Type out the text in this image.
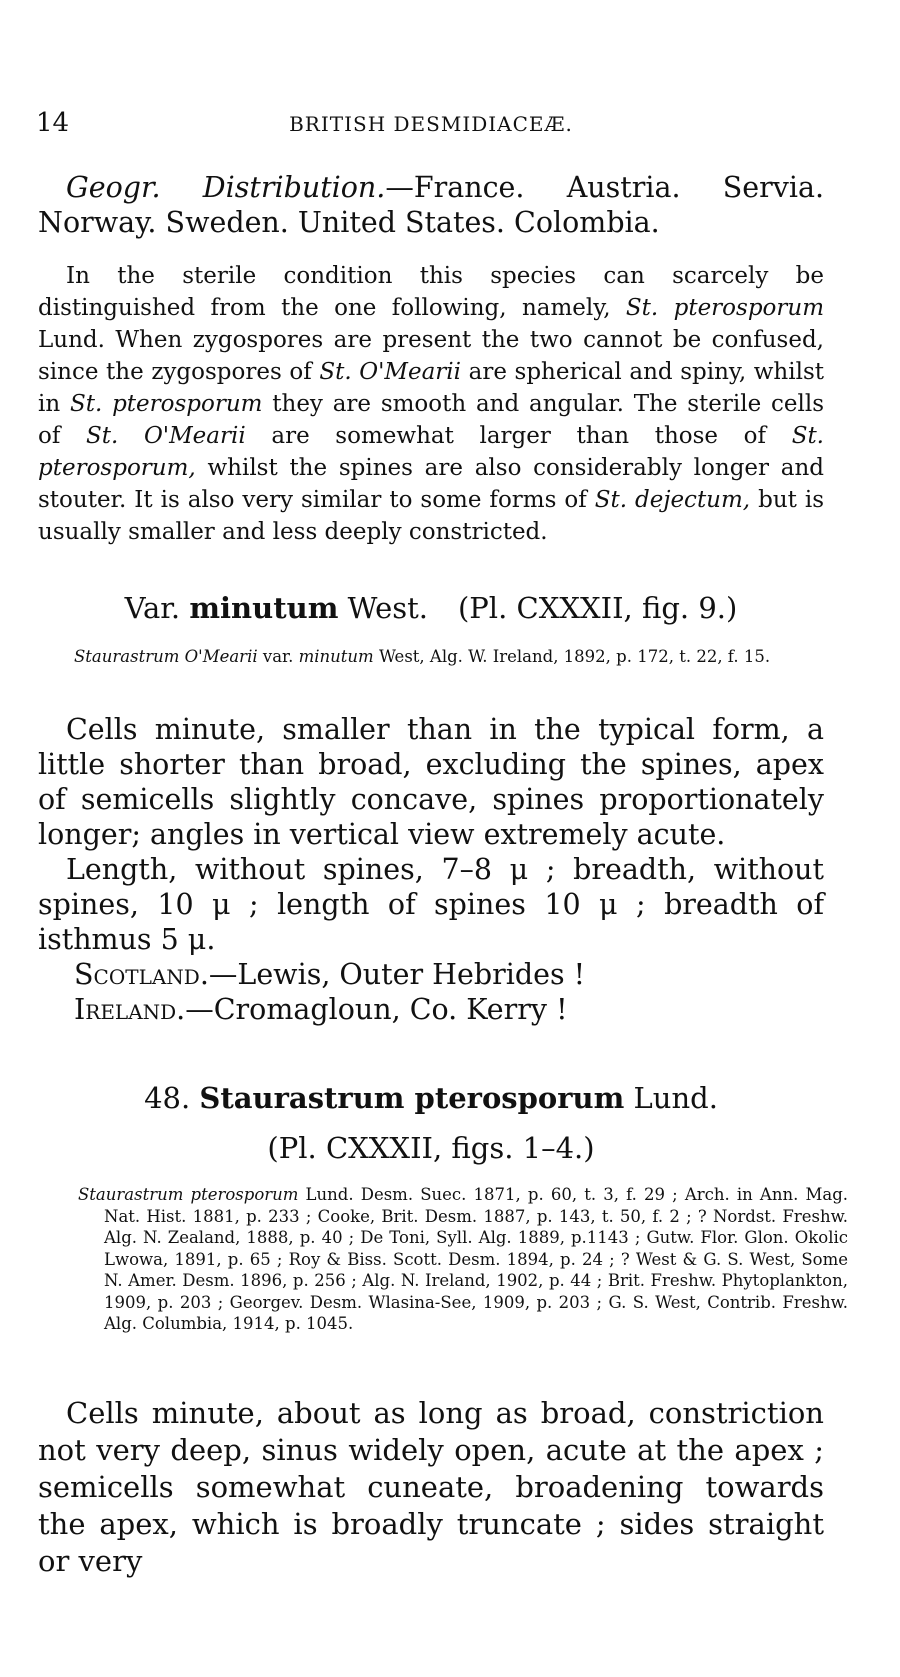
14	BRITISH DESMIDIACEÆ.

Geogr. Distribution.—France. Austria. Servia. Norway. Sweden. United States. Colombia.

In the sterile condition this species can scarcely be distinguished from the one following, namely, St. pterosporum Lund. When zygospores are present the two cannot be confused, since the zygospores of St. O'Mearii are spherical and spiny, whilst in St. pterosporum they are smooth and angular. The sterile cells of St. O'Mearii are somewhat larger than those of St. pterosporum, whilst the spines are also considerably longer and stouter. It is also very similar to some forms of St. dejectum, but is usually smaller and less deeply constricted.

Var. minutum West. (Pl. CXXXII, fig. 9.)

Staurastrum O'Mearii var. minutum West, Alg. W. Ireland, 1892, p. 172, t. 22, f. 15.

Cells minute, smaller than in the typical form, a little shorter than broad, excluding the spines, apex of semicells slightly concave, spines proportionately longer; angles in vertical view extremely acute.

Length, without spines, 7–8 μ ; breadth, without spines, 10 μ ; length of spines 10 μ ; breadth of isthmus 5 μ.

Scotland.—Lewis, Outer Hebrides !

Ireland.—Cromagloun, Co. Kerry !

48. Staurastrum pterosporum Lund.

(Pl. CXXXII, figs. 1–4.)

Staurastrum pterosporum Lund. Desm. Suec. 1871, p. 60, t. 3, f. 29 ; Arch. in Ann. Mag. Nat. Hist. 1881, p. 233 ; Cooke, Brit. Desm. 1887, p. 143, t. 50, f. 2 ; ? Nordst. Freshw. Alg. N. Zealand, 1888, p. 40 ; De Toni, Syll. Alg. 1889, p.1143 ; Gutw. Flor. Glon. Okolic Lwowa, 1891, p. 65 ; Roy & Biss. Scott. Desm. 1894, p. 24 ; ? West & G. S. West, Some N. Amer. Desm. 1896, p. 256 ; Alg. N. Ireland, 1902, p. 44 ; Brit. Freshw. Phytoplankton, 1909, p. 203 ; Georgev. Desm. Wlasina-See, 1909, p. 203 ; G. S. West, Contrib. Freshw. Alg. Columbia, 1914, p. 1045.

Cells minute, about as long as broad, constriction not very deep, sinus widely open, acute at the apex ; semicells somewhat cuneate, broadening towards the apex, which is broadly truncate ; sides straight or very
